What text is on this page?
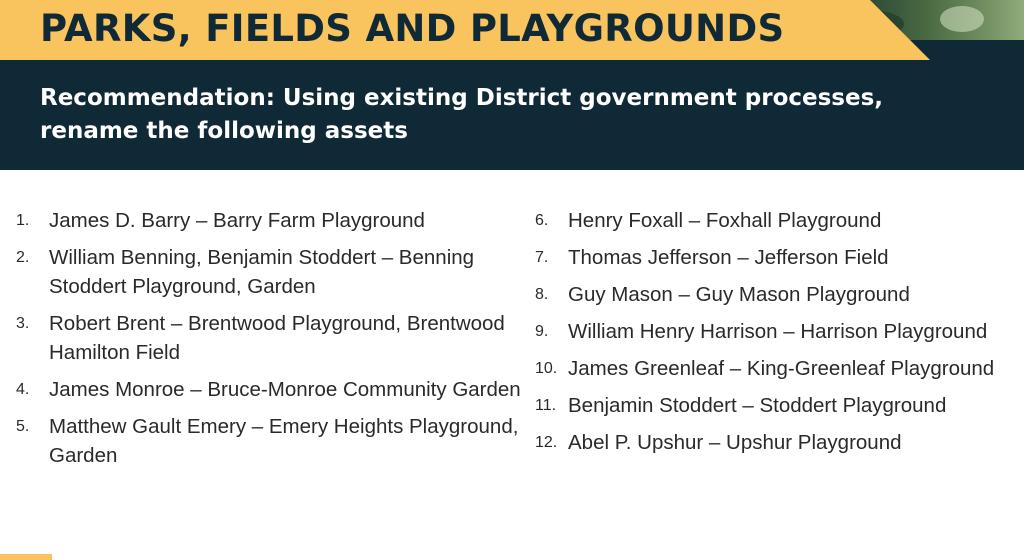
PARKS, FIELDS AND PLAYGROUNDS

Recommendation: Using existing District government processes, rename the following assets

1. James D. Barry – Barry Farm Playground
2. William Benning, Benjamin Stoddert – Benning Stoddert Playground, Garden
3. Robert Brent – Brentwood Playground, Brentwood Hamilton Field
4. James Monroe – Bruce-Monroe Community Garden
5. Matthew Gault Emery – Emery Heights Playground, Garden
6. Henry Foxall – Foxhall Playground
7. Thomas Jefferson – Jefferson Field
8. Guy Mason – Guy Mason Playground
9. William Henry Harrison – Harrison Playground
10. James Greenleaf – King-Greenleaf Playground
11. Benjamin Stoddert – Stoddert Playground
12. Abel P. Upshur – Upshur Playground
